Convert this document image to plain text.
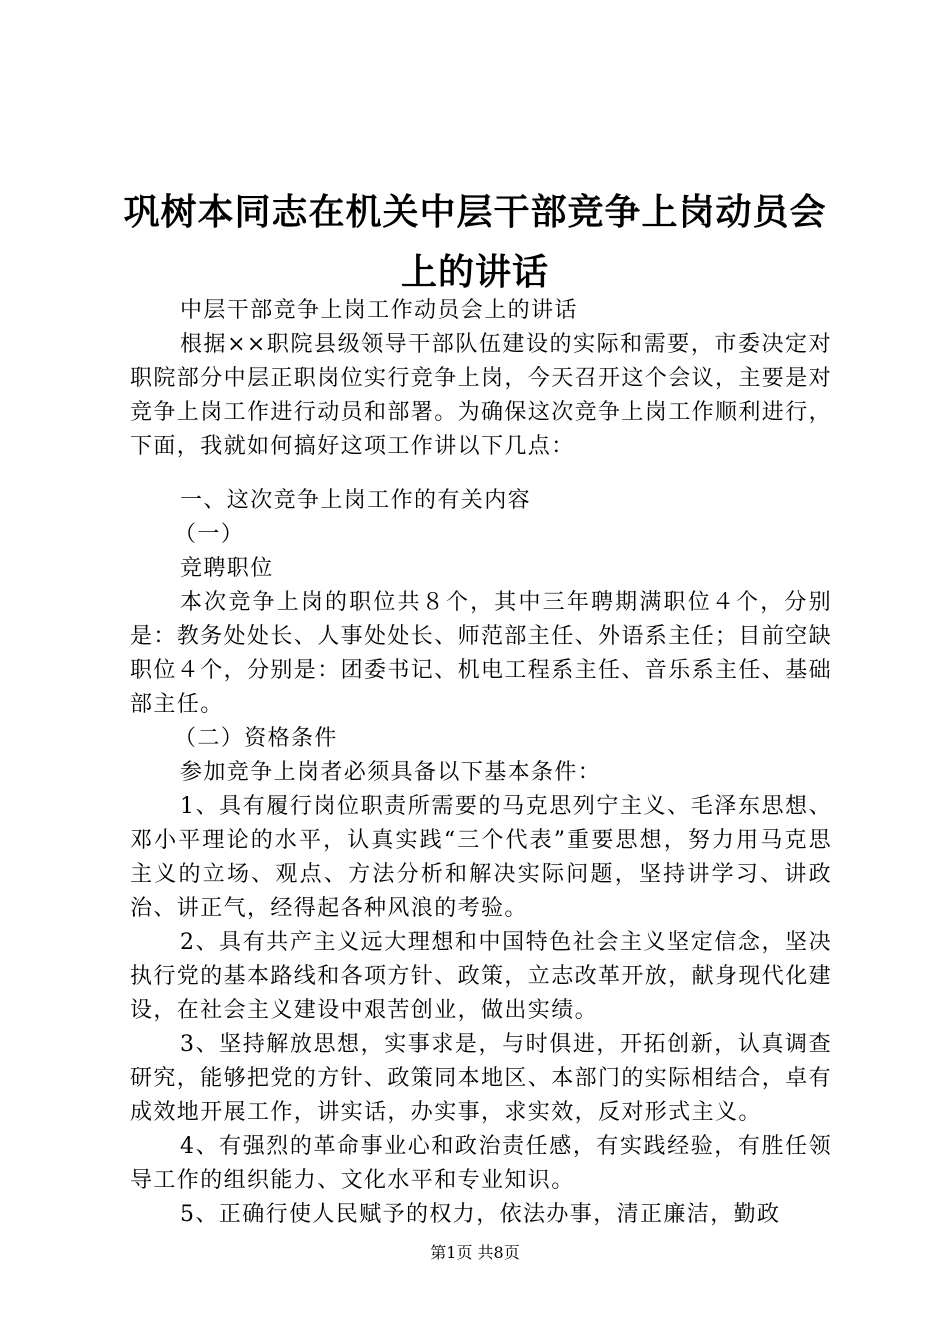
巩树本同志在机关中层干部竞争上岗动员会上的讲话

中层干部竞争上岗工作动员会上的讲话

根据××职院县级领导干部队伍建设的实际和需要，市委决定对职院部分中层正职岗位实行竞争上岗，今天召开这个会议，主要是对竞争上岗工作进行动员和部署。为确保这次竞争上岗工作顺利进行，下面，我就如何搞好这项工作讲以下几点：

一、这次竞争上岗工作的有关内容

（一）

竞聘职位

本次竞争上岗的职位共８个，其中三年聘期满职位４个，分别是：教务处处长、人事处处长、师范部主任、外语系主任；目前空缺职位４个，分别是：团委书记、机电工程系主任、音乐系主任、基础部主任。

（二）资格条件

参加竞争上岗者必须具备以下基本条件：

1、具有履行岗位职责所需要的马克思列宁主义、毛泽东思想、邓小平理论的水平，认真实践“三个代表”重要思想，努力用马克思主义的立场、观点、方法分析和解决实际问题，坚持讲学习、讲政治、讲正气，经得起各种风浪的考验。

2、具有共产主义远大理想和中国特色社会主义坚定信念，坚决执行党的基本路线和各项方针、政策，立志改革开放，献身现代化建设，在社会主义建设中艰苦创业，做出实绩。

3、坚持解放思想，实事求是，与时俱进，开拓创新，认真调查研究，能够把党的方针、政策同本地区、本部门的实际相结合，卓有成效地开展工作，讲实话，办实事，求实效，反对形式主义。

4、有强烈的革命事业心和政治责任感，有实践经验，有胜任领导工作的组织能力、文化水平和专业知识。

5、正确行使人民赋予的权力，依法办事，清正廉洁，勤政

第1页 共8页
